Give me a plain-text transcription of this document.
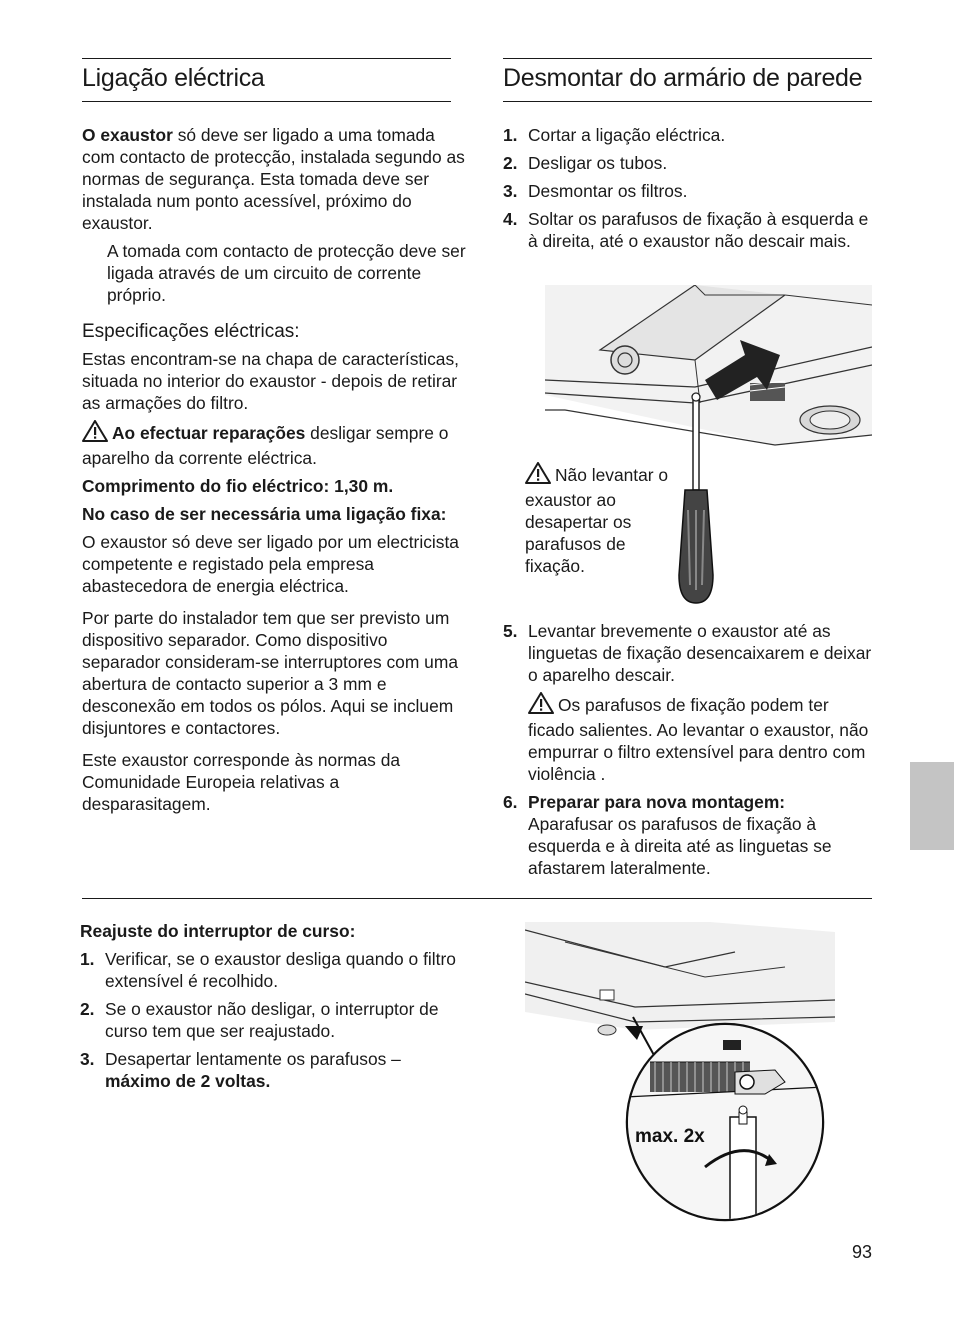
Ligação eléctrica

O exaustor só deve ser ligado a uma tomada com contacto de protecção, instalada segundo as normas de segurança. Esta tomada deve ser instalada num ponto acessível, próximo do exaustor.

A tomada com contacto de protecção deve ser ligada através de um circuito de corrente próprio.

Especificações eléctricas:

Estas encontram-se na chapa de características, situada no interior do exaustor - depois de retirar as armações do filtro.

Ao efectuar reparações desligar sempre o aparelho da corrente eléctrica.

Comprimento do fio eléctrico: 1,30 m.

No caso de ser necessária uma ligação fixa:

O exaustor só deve ser ligado por um electricista competente e registado pela empresa abastecedora de energia eléctrica.

Por parte do instalador tem que ser previsto um dispositivo separador. Como dispositivo separador consideram-se interruptores com uma abertura de contacto superior a 3 mm e desconexão em todos os pólos. Aqui se incluem disjuntores e contactores.

Este exaustor corresponde às normas da Comunidade Europeia relativas a desparasitagem.

Desmontar do armário de parede
1. Cortar a ligação eléctrica.
2. Desligar os tubos.
3. Desmontar os filtros.
4. Soltar os parafusos de fixação à esquerda e à direita, até o exaustor não descair mais.
Não levantar o exaustor ao desapertar os parafusos de fixação.
5. Levantar brevemente o exaustor até as linguetas de fixação desencaixarem e deixar o aparelho descair.
Os parafusos de fixação podem ter ficado salientes. Ao levantar o exaustor, não empurrar o filtro extensível para dentro com violência .
6. Preparar para nova montagem:
Aparafusar os parafusos de fixação à esquerda e à direita até as linguetas se afastarem lateralmente.

Reajuste do interruptor de curso:

1. Verificar, se o exaustor desliga quando o filtro extensível é recolhido.
2. Se o exaustor não desligar, o interruptor de curso tem que ser reajustado.
3. Desapertar lentamente os parafusos –
máximo de 2 voltas.
max. 2x
93
